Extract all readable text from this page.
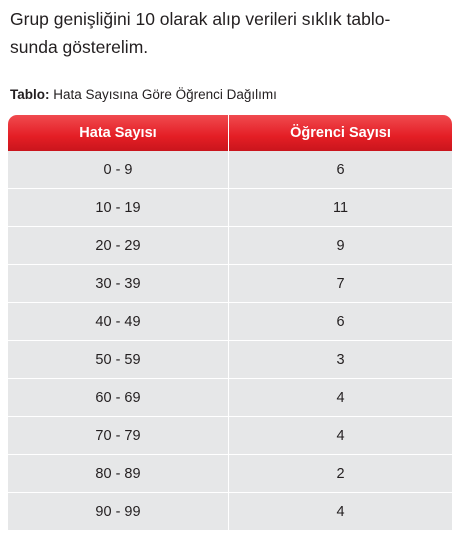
Grup genişliğini 10 olarak alıp verileri sıklık tablo-
sunda gösterelim.

Tablo: Hata Sayısına Göre Öğrenci Dağılımı

Hata Sayısı	Öğrenci Sayısı
0 - 9	6
10 - 19	11
20 - 29	9
30 - 39	7
40 - 49	6
50 - 59	3
60 - 69	4
70 - 79	4
80 - 89	2
90 - 99	4
